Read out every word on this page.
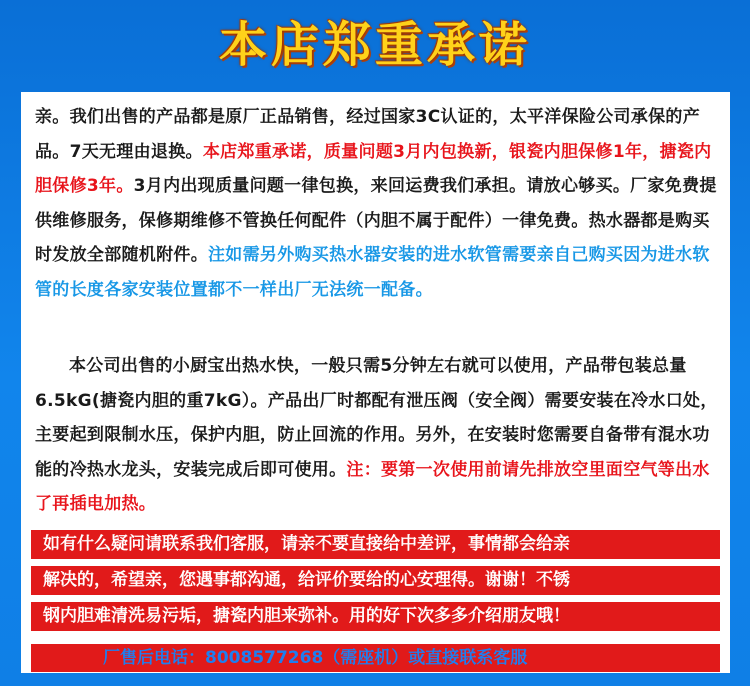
本店郑重承诺
亲。我们出售的产品都是原厂正品销售，经过国家3C认证的，太平洋保险公司承保的产品。7天无理由退换。本店郑重承诺，质量问题3月内包换新，银瓷内胆保修1年，搪瓷内胆保修3年。3月内出现质量问题一律包换，来回运费我们承担。请放心够买。厂家免费提供维修服务，保修期维修不管换任何配件（内胆不属于配件）一律免费。热水器都是购买时发放全部随机附件。注如需另外购买热水器安装的进水软管需要亲自己购买因为进水软管的长度各家安装位置都不一样出厂无法统一配备。
本公司出售的小厨宝出热水快，一般只需5分钟左右就可以使用，产品带包装总量6.5kG(搪瓷内胆的重7kG）。产品出厂时都配有泄压阀（安全阀）需要安装在冷水口处，主要起到限制水压，保护内胆，防止回流的作用。另外，在安装时您需要自备带有混水功能的冷热水龙头，安装完成后即可使用。注：要第一次使用前请先排放空里面空气等出水了再插电加热。
如有什么疑问请联系我们客服，请亲不要直接给中差评，事情都会给亲
解决的，希望亲，您遇事都沟通，给评价要给的心安理得。谢谢！不锈
钢内胆难清洗易污垢，搪瓷内胆来弥补。用的好下次多多介绍朋友哦！
厂售后电话：8008577268（需座机）或直接联系客服
